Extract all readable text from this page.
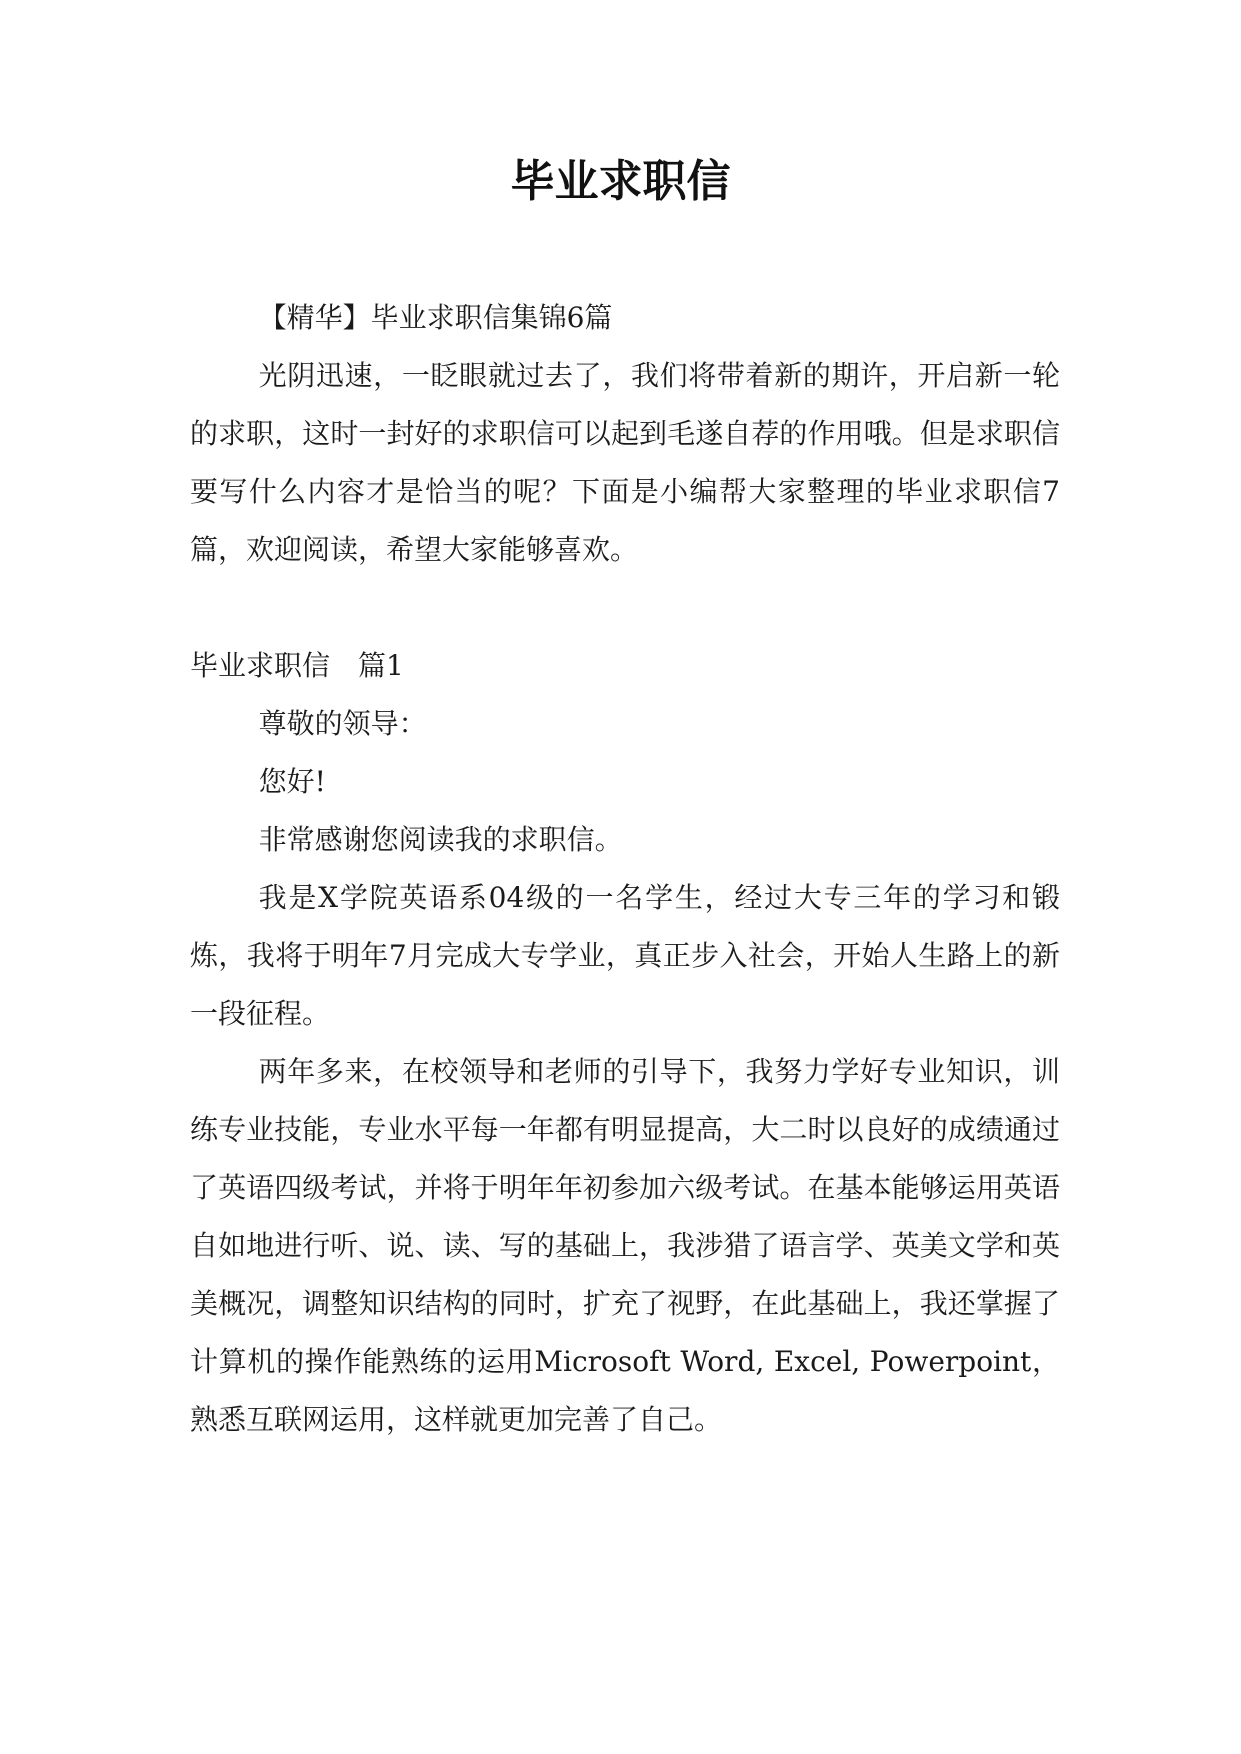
毕业求职信

【精华】毕业求职信集锦6篇

光阴迅速，一眨眼就过去了，我们将带着新的期许，开启新一轮的求职，这时一封好的求职信可以起到毛遂自荐的作用哦。但是求职信要写什么内容才是恰当的呢？下面是小编帮大家整理的毕业求职信7篇，欢迎阅读，希望大家能够喜欢。

毕业求职信　篇1

尊敬的领导：

您好!

非常感谢您阅读我的求职信。

我是X学院英语系04级的一名学生，经过大专三年的学习和锻炼，我将于明年7月完成大专学业，真正步入社会，开始人生路上的新一段征程。

两年多来，在校领导和老师的引导下，我努力学好专业知识，训练专业技能，专业水平每一年都有明显提高，大二时以良好的成绩通过了英语四级考试，并将于明年年初参加六级考试。在基本能够运用英语自如地进行听、说、读、写的基础上，我涉猎了语言学、英美文学和英美概况，调整知识结构的同时，扩充了视野，在此基础上，我还掌握了计算机的操作能熟练的运用Microsoft Word, Excel, Powerpoint，熟悉互联网运用，这样就更加完善了自己。
